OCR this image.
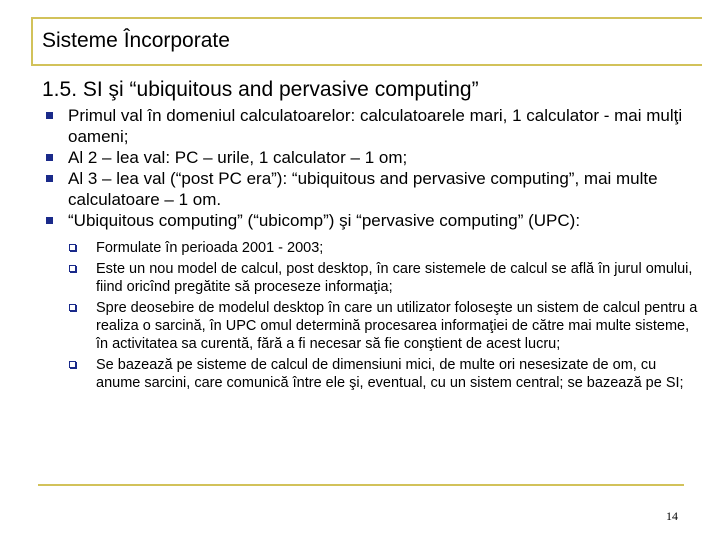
Sisteme Încorporate
1.5. SI şi “ubiquitous and pervasive computing”
Primul val în domeniul calculatoarelor: calculatoarele mari, 1 calculator - mai mulţi oameni;
Al 2 – lea val: PC – urile, 1 calculator – 1 om;
Al 3 – lea val (“post PC era”): “ubiquitous and pervasive computing”, mai multe calculatoare – 1 om.
“Ubiquitous computing” (“ubicomp”) şi “pervasive computing” (UPC):
Formulate în perioada 2001 - 2003;
Este un nou model de calcul, post desktop, în care sistemele de calcul se află în jurul omului, fiind oricînd pregătite să proceseze informaţia;
Spre deosebire de modelul desktop în care un utilizator foloseşte un sistem de calcul pentru a realiza o sarcină, în UPC omul determină procesarea informaţiei de către mai multe sisteme, în activitatea sa curentă, fără a fi necesar să fie conştient de acest lucru;
Se bazează pe sisteme de calcul de dimensiuni mici, de multe ori nesesizate de om, cu anume sarcini, care comunică între ele şi, eventual, cu un sistem central; se bazează pe SI;
14
